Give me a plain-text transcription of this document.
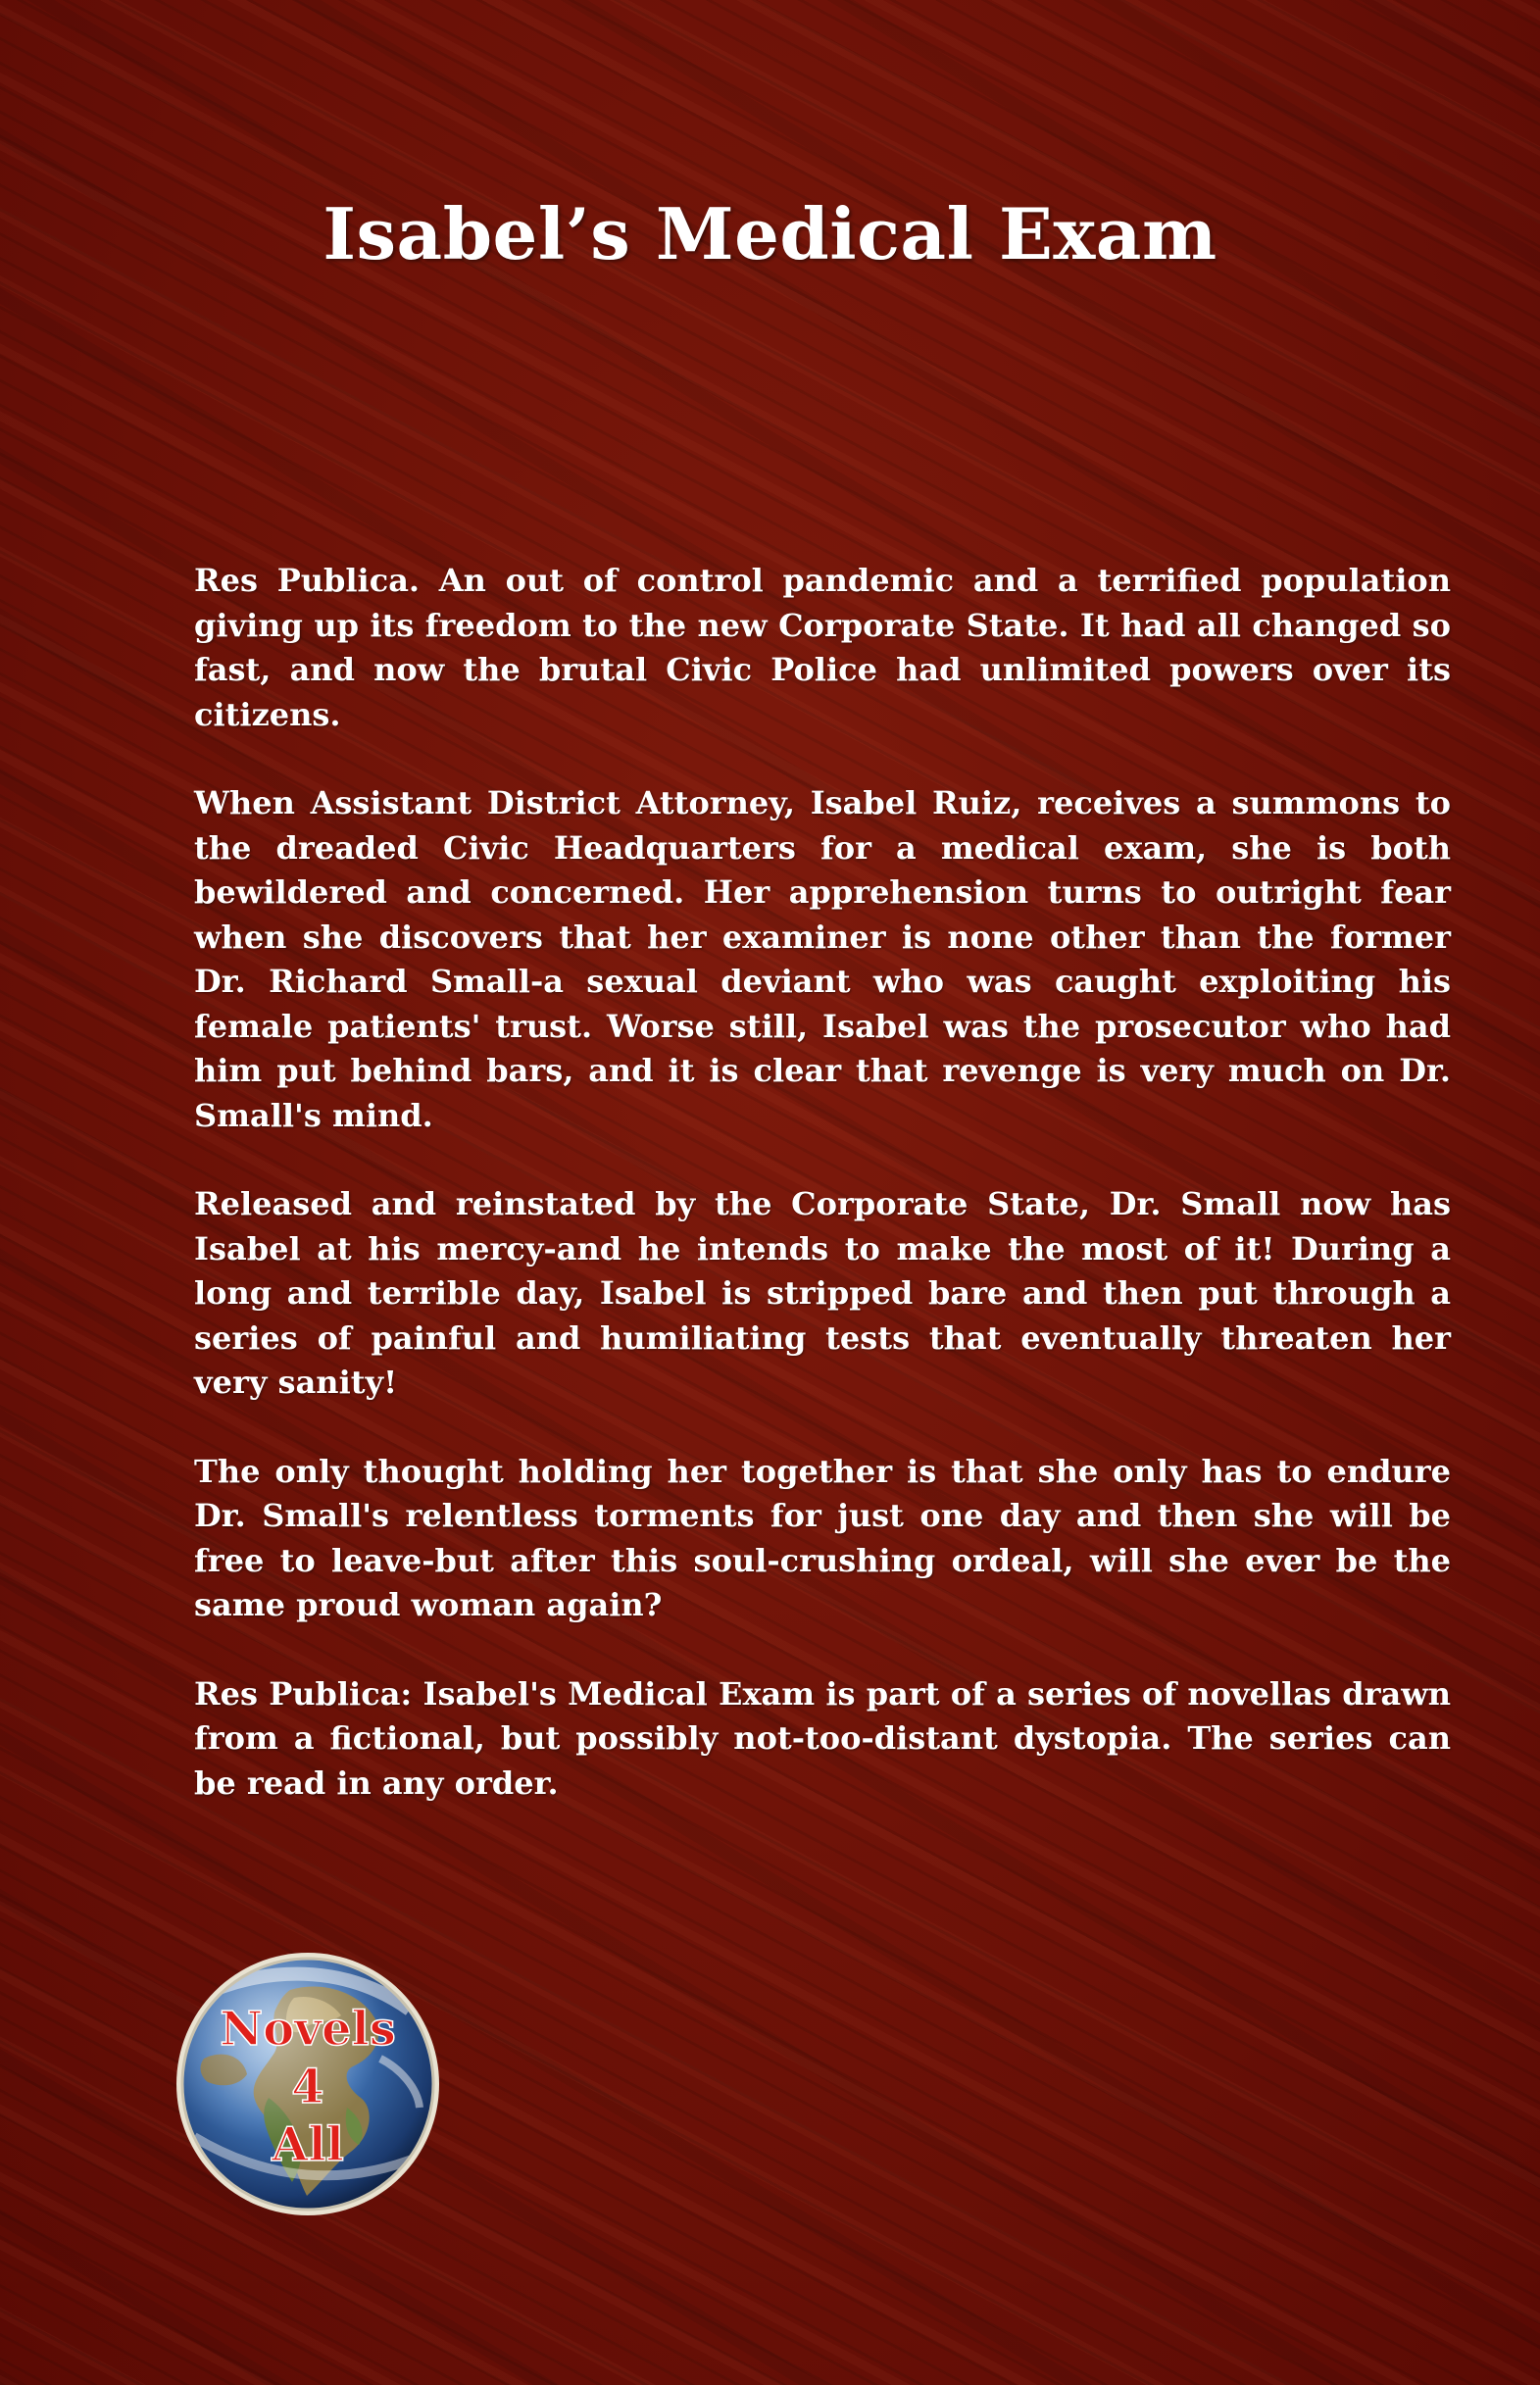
Isabel’s Medical Exam

Res Publica. An out of control pandemic and a terrified population giving up its freedom to the new Corporate State. It had all changed so fast, and now the brutal Civic Police had unlimited powers over its citizens.

When Assistant District Attorney, Isabel Ruiz, receives a summons to the dreaded Civic Headquarters for a medical exam, she is both bewildered and concerned. Her apprehension turns to outright fear when she discovers that her examiner is none other than the former Dr. Richard Small-a sexual deviant who was caught exploiting his female patients' trust. Worse still, Isabel was the prosecutor who had him put behind bars, and it is clear that revenge is very much on Dr. Small's mind.

Released and reinstated by the Corporate State, Dr. Small now has Isabel at his mercy-and he intends to make the most of it! During a long and terrible day, Isabel is stripped bare and then put through a series of painful and humiliating tests that eventually threaten her very sanity!

The only thought holding her together is that she only has to endure Dr. Small's relentless torments for just one day and then she will be free to leave-but after this soul-crushing ordeal, will she ever be the same proud woman again?

Res Publica: Isabel's Medical Exam is part of a series of novellas drawn from a fictional, but possibly not-too-distant dystopia. The series can be read in any order.

Novels
4
All
